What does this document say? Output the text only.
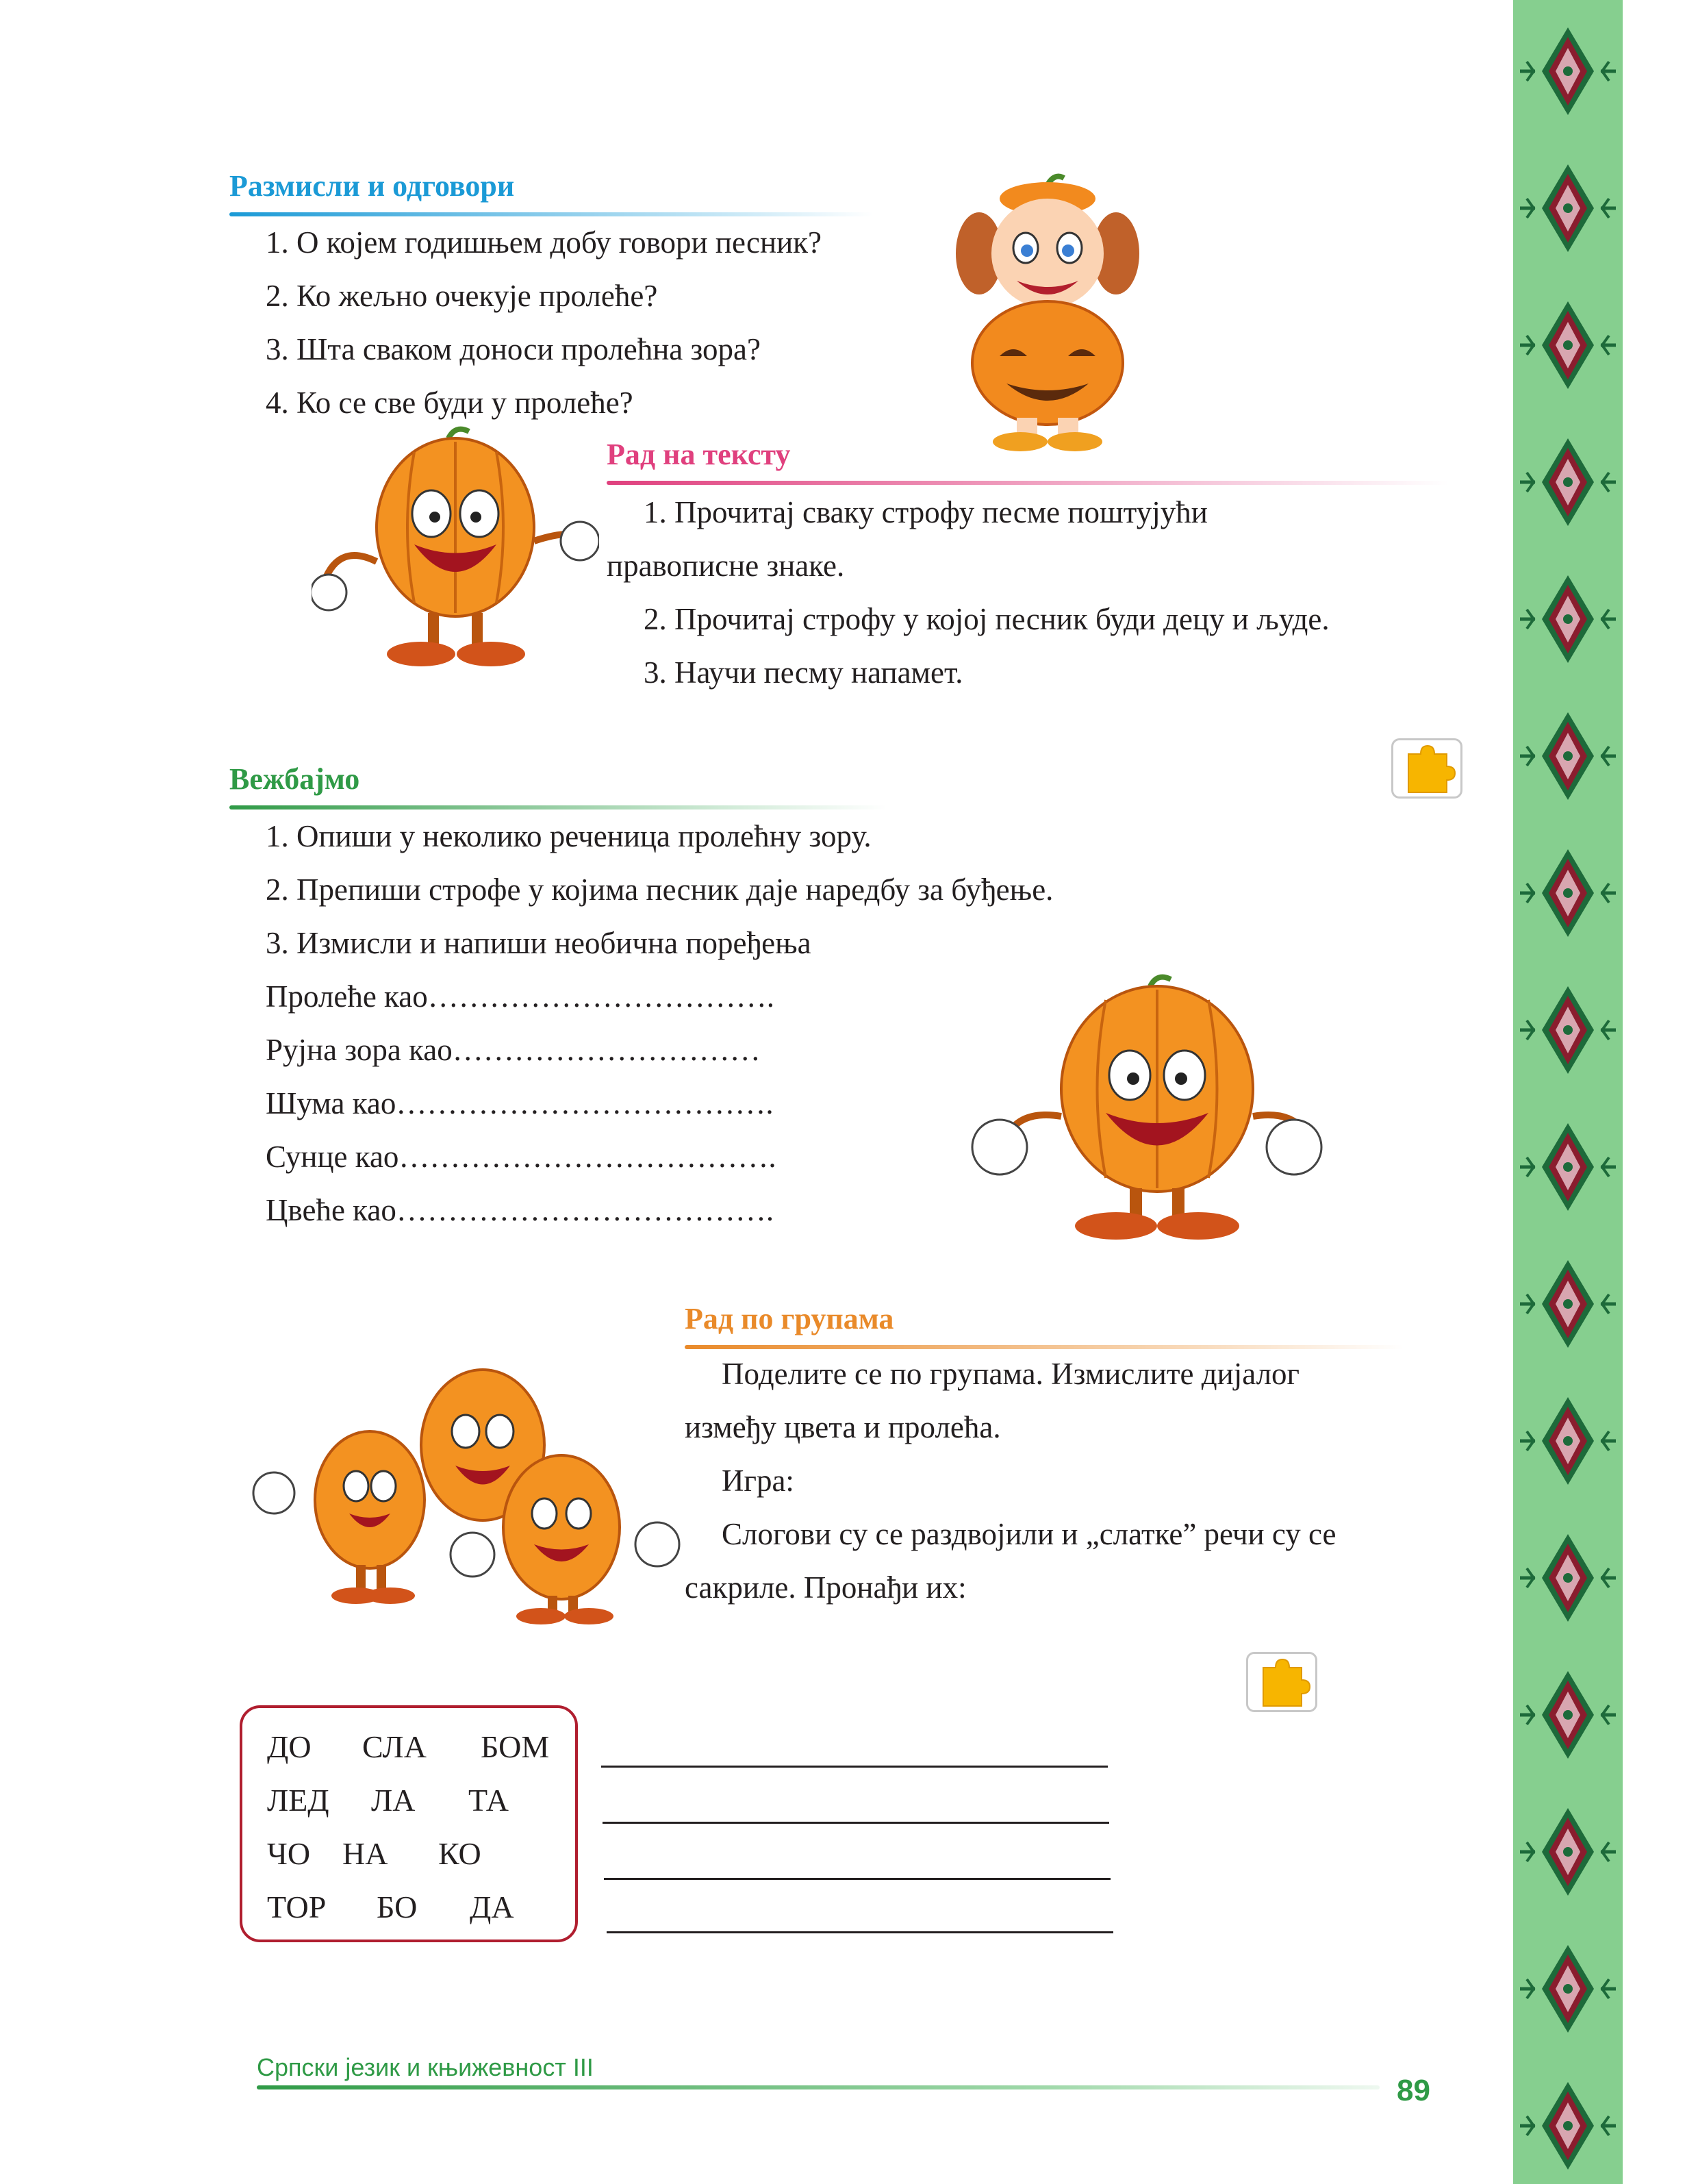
Размисли и одговори
1. О којем годишњем добу говори песник?
2. Ко жељно очекује пролеће?
3. Шта сваком доноси пролећна зора?
4. Ко се све буди у пролеће?
Рад на тексту
1. Прочитај сваку строфу песме поштујући
правописне знаке.
2. Прочитај строфу у којој песник буди децу и људе.
3. Научи песму напамет.
Вежбајмо
1. Опиши у неколико реченица пролећну зору.
2. Препиши строфе у којима песник даје наредбу за буђење.
3. Измисли и напиши необична поређења
Пролеће као…………………………….
Рујна зора као…………………………
Шума као……………………………….
Сунце као……………………………….
Цвеће као……………………………….
Рад по групама
Поделите се по групама. Измислите дијалог
између цвета и пролећа.
Игра:
Слогови су се раздвојили и „слатке” речи су се
сакриле. Пронађи их:
ДО СЛА БОМ
ЛЕД ЛА ТА
ЧО НА КО
ТОР БО ДА
Српски језик и књижевност III
89
